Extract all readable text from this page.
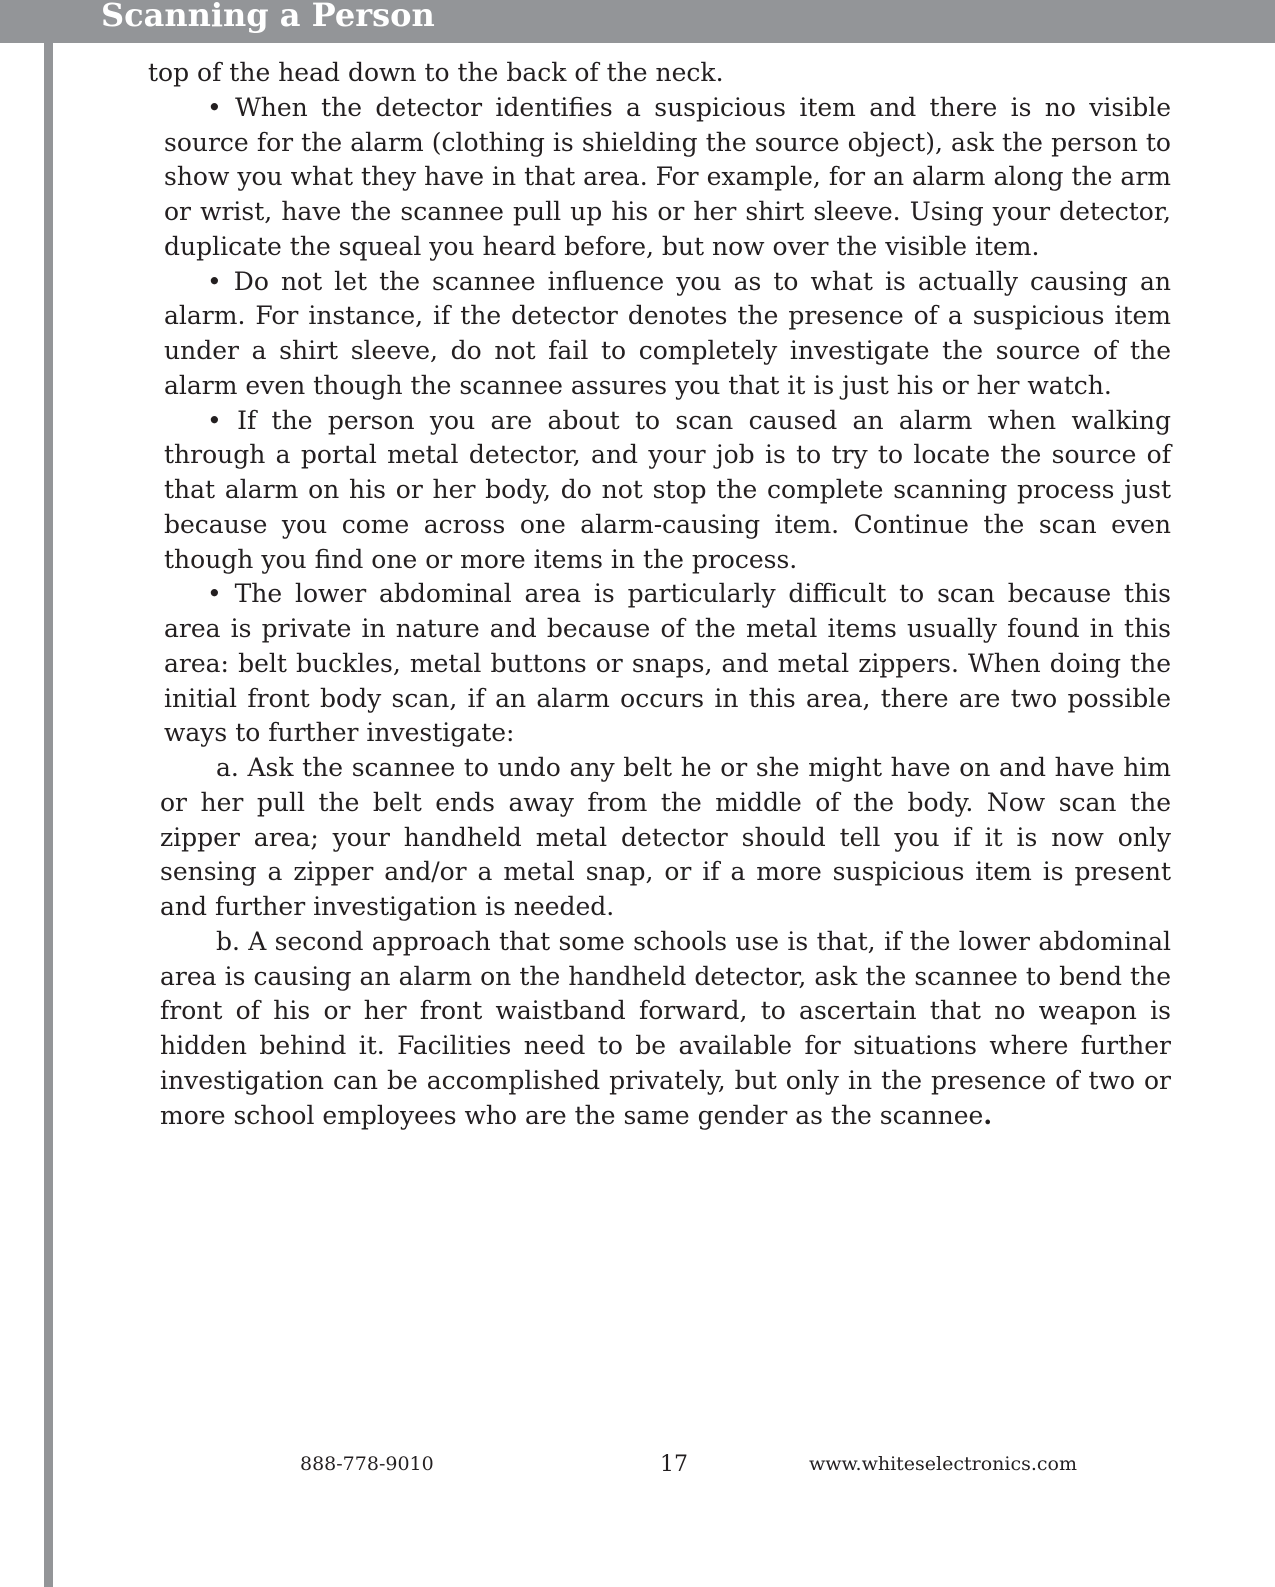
Scanning a Person

top of the head down to the back of the neck.

• When the detector identifies a suspicious item and there is no visible source for the alarm (clothing is shielding the source object), ask the person to show you what they have in that area. For example, for an alarm along the arm or wrist, have the scannee pull up his or her shirt sleeve. Using your detector, duplicate the squeal you heard before, but now over the visible item.

• Do not let the scannee influence you as to what is actually causing an alarm. For instance, if the detector denotes the presence of a suspicious item under a shirt sleeve, do not fail to completely investigate the source of the alarm even though the scannee assures you that it is just his or her watch.

• If the person you are about to scan caused an alarm when walking through a portal metal detector, and your job is to try to locate the source of that alarm on his or her body, do not stop the complete scanning process just because you come across one alarm-causing item. Continue the scan even though you find one or more items in the process.

• The lower abdominal area is particularly difficult to scan because this area is private in nature and because of the metal items usually found in this area: belt buckles, metal buttons or snaps, and metal zippers. When doing the initial front body scan, if an alarm occurs in this area, there are two possible ways to further investigate:

a. Ask the scannee to undo any belt he or she might have on and have him or her pull the belt ends away from the middle of the body. Now scan the zipper area; your handheld metal detector should tell you if it is now only sensing a zipper and/or a metal snap, or if a more suspicious item is present and further investigation is needed.

b. A second approach that some schools use is that, if the lower abdominal area is causing an alarm on the handheld detector, ask the scannee to bend the front of his or her front waistband forward, to ascertain that no weapon is hidden behind it. Facilities need to be available for situations where further investigation can be accomplished privately, but only in the presence of two or more school employees who are the same gender as the scannee.

888-778-9010	17	www.whiteselectronics.com
